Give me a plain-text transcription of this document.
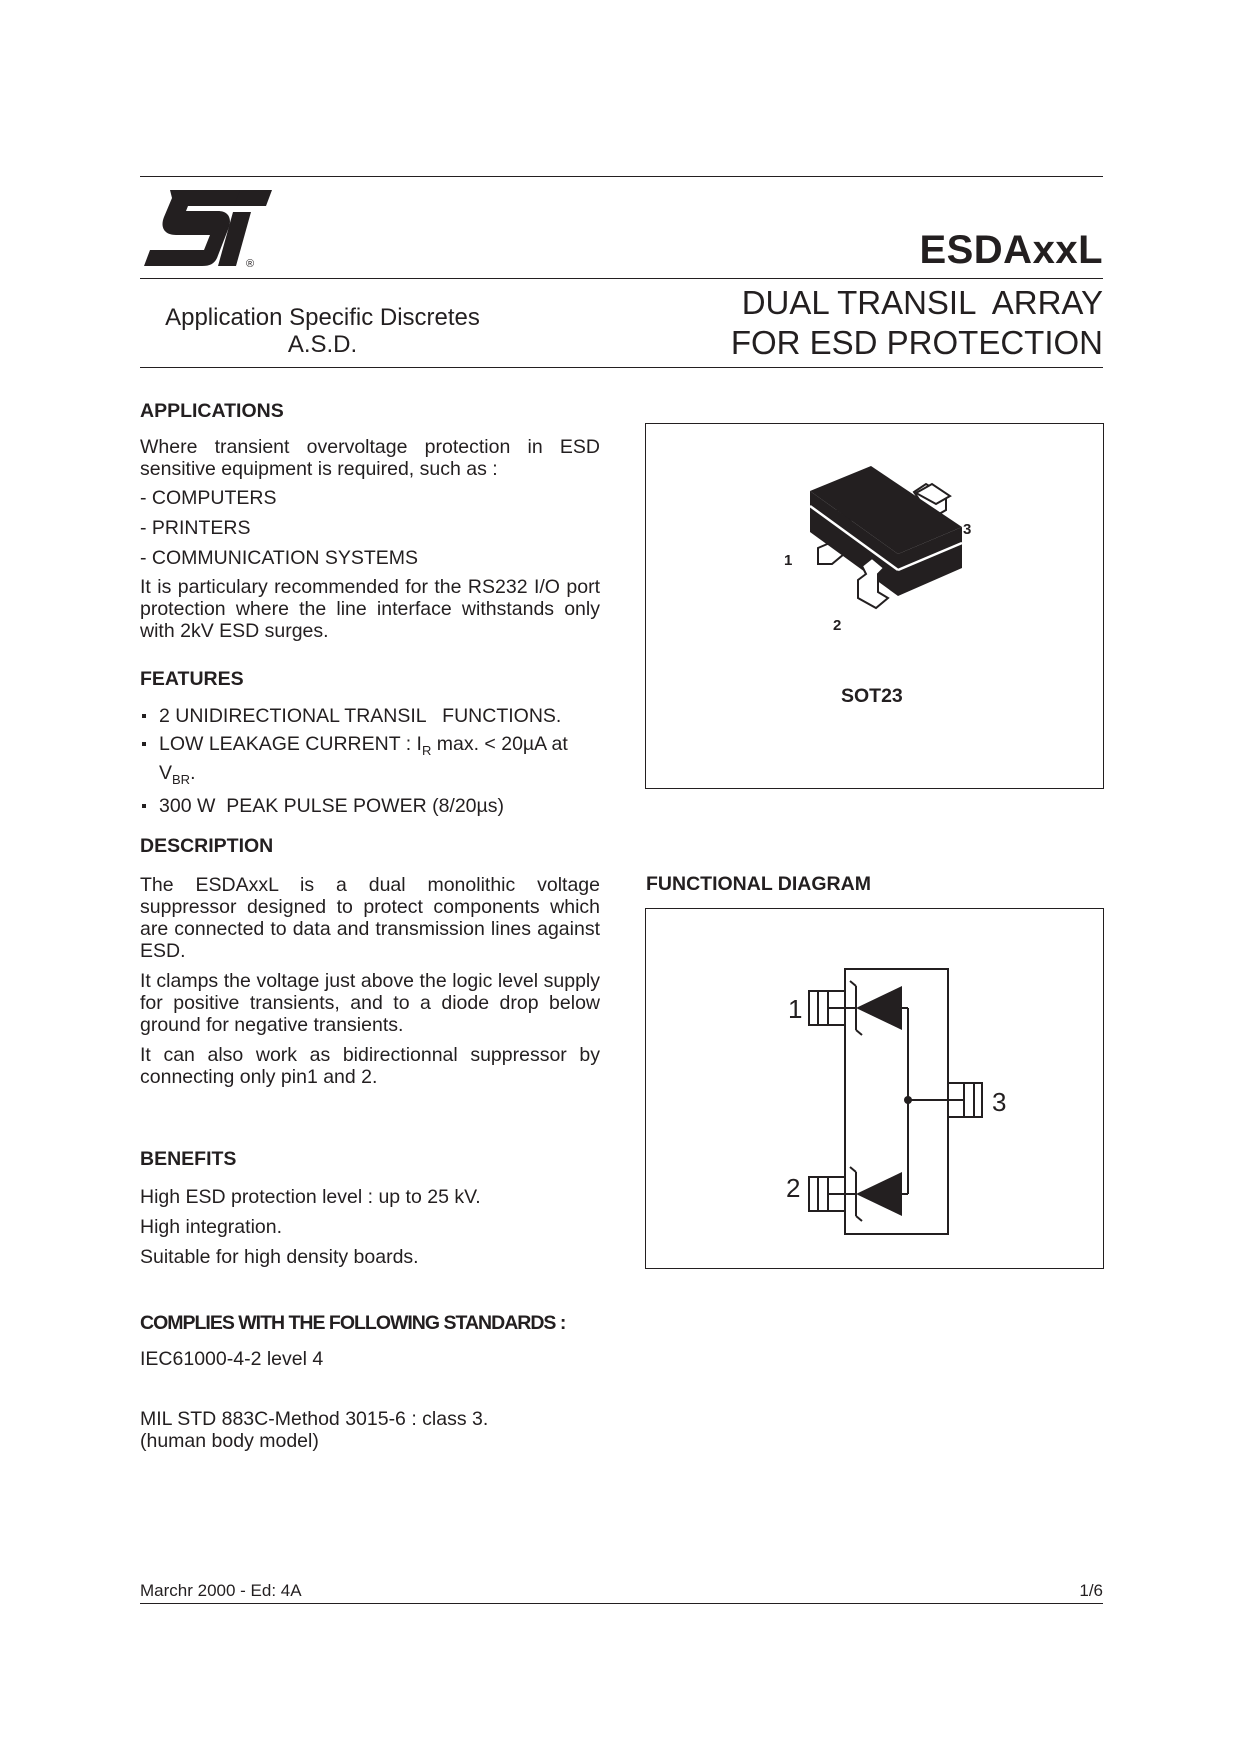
®	ESDAxxL
Application Specific Discretes
A.S.D.
DUAL TRANSIL  ARRAY
FOR ESD PROTECTION
APPLICATIONS
Where transient overvoltage protection in ESD sensitive equipment is required, such as :
- COMPUTERS
- PRINTERS
- COMMUNICATION SYSTEMS
It is particulary recommended for the RS232 I/O port protection where the line interface withstands only with 2kV ESD surges.
FEATURES
2 UNIDIRECTIONAL TRANSIL   FUNCTIONS.
LOW LEAKAGE CURRENT : $I_R$ max. < 20µA at
$V_{BR}$.
300 W  PEAK PULSE POWER (8/20µs)
DESCRIPTION
The ESDAxxL is a dual monolithic voltage suppressor designed to protect components which are connected to data and transmission lines against ESD.
It clamps the voltage just above the logic level supply for positive transients, and to a diode drop below ground for negative transients.
It can also work as bidirectionnal suppressor by connecting only pin1 and 2.
BENEFITS
High ESD protection level : up to 25 kV.
High integration.
Suitable for high density boards.
COMPLIES WITH THE FOLLOWING STANDARDS :
IEC61000-4-2 level 4
MIL STD 883C-Method 3015-6 : class 3.
(human body model)
1
2
3
SOT23
FUNCTIONAL DIAGRAM
1
2
3
Marchr 2000 - Ed: 4A	1/6
